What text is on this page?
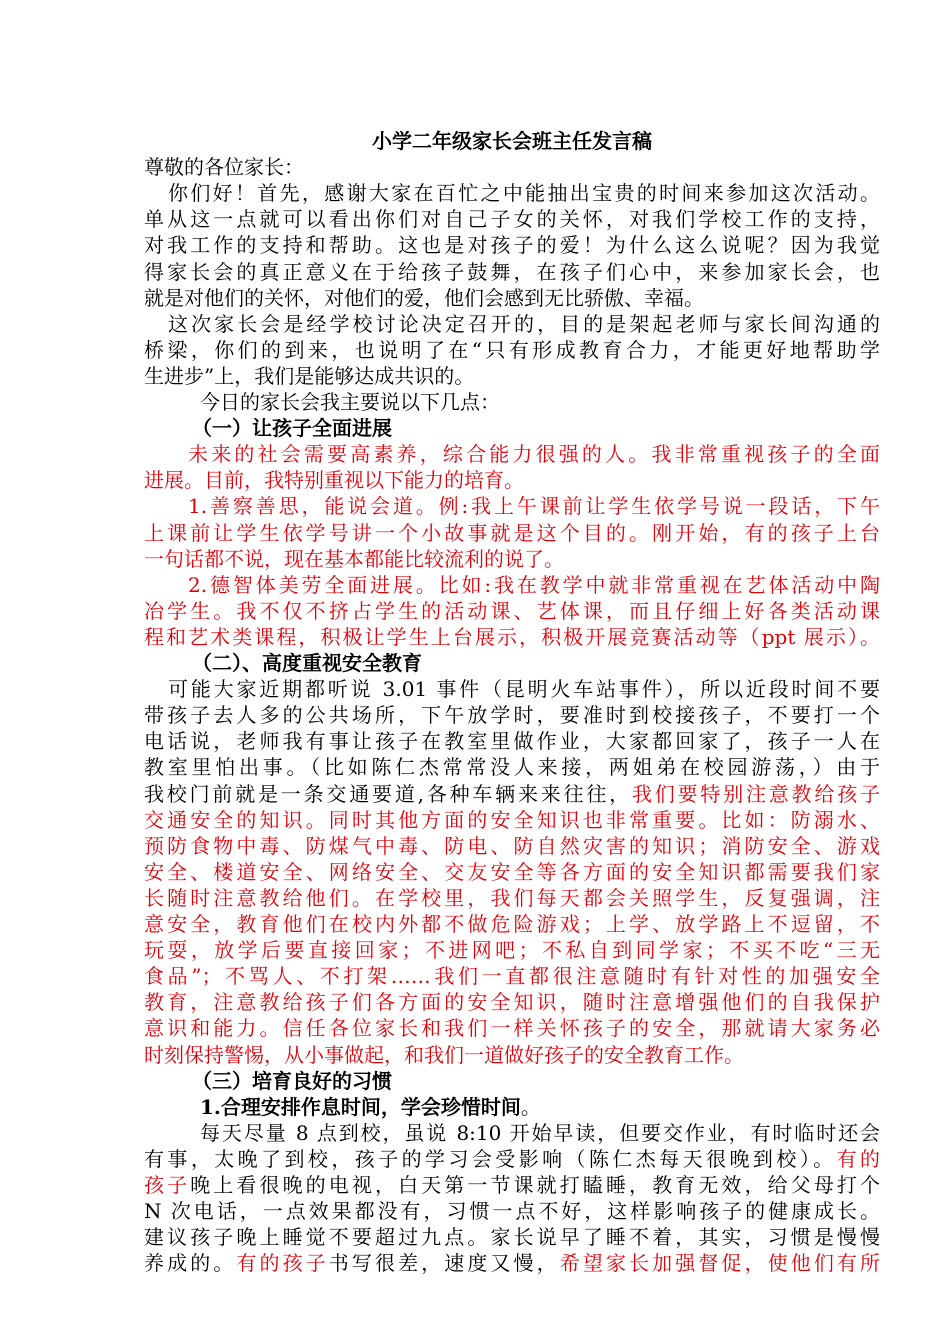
小学二年级家长会班主任发言稿
尊敬的各位家长：
你们好！首先，感谢大家在百忙之中能抽出宝贵的时间来参加这次活动。
单从这一点就可以看出你们对自己子女的关怀，对我们学校工作的支持，
对我工作的支持和帮助。这也是对孩子的爱！为什么这么说呢？因为我觉
得家长会的真正意义在于给孩子鼓舞，在孩子们心中，来参加家长会，也
就是对他们的关怀，对他们的爱，他们会感到无比骄傲、幸福。
这次家长会是经学校讨论决定召开的，目的是架起老师与家长间沟通的
桥梁，你们的到来，也说明了在“只有形成教育合力，才能更好地帮助学
生进步”上，我们是能够达成共识的。
今日的家长会我主要说以下几点：
（一）让孩子全面进展
未来的社会需要高素养，综合能力很强的人。我非常重视孩子的全面
进展。目前，我特别重视以下能力的培育。
1.善察善思，能说会道。例:我上午课前让学生依学号说一段话，下午
上课前让学生依学号讲一个小故事就是这个目的。刚开始，有的孩子上台
一句话都不说，现在基本都能比较流利的说了。
2.德智体美劳全面进展。比如:我在教学中就非常重视在艺体活动中陶
冶学生。我不仅不挤占学生的活动课、艺体课，而且仔细上好各类活动课
程和艺术类课程，积极让学生上台展示，积极开展竞赛活动等（ppt 展示）。
（二）、高度重视安全教育
可能大家近期都听说 3.01 事件（昆明火车站事件），所以近段时间不要
带孩子去人多的公共场所，下午放学时，要准时到校接孩子，不要打一个
电话说，老师我有事让孩子在教室里做作业，大家都回家了，孩子一人在
教室里怕出事。（比如陈仁杰常常没人来接，两姐弟在校园游荡，）由于
我校门前就是一条交通要道,各种车辆来来往往，我们要特别注意教给孩子
交通安全的知识。同时其他方面的安全知识也非常重要。比如：防溺水、
预防食物中毒、防煤气中毒、防电、防自然灾害的知识；消防安全、游戏
安全、楼道安全、网络安全、交友安全等各方面的安全知识都需要我们家
长随时注意教给他们。在学校里，我们每天都会关照学生，反复强调，注
意安全，教育他们在校内外都不做危险游戏；上学、放学路上不逗留，不
玩耍，放学后要直接回家；不进网吧；不私自到同学家；不买不吃“三无
食品”；不骂人、不打架……我们一直都很注意随时有针对性的加强安全
教育，注意教给孩子们各方面的安全知识，随时注意增强他们的自我保护
意识和能力。信任各位家长和我们一样关怀孩子的安全，那就请大家务必
时刻保持警惕，从小事做起，和我们一道做好孩子的安全教育工作。
（三）培育良好的习惯
1.合理安排作息时间，学会珍惜时间。
每天尽量 8 点到校，虽说 8:10 开始早读，但要交作业，有时临时还会
有事，太晚了到校，孩子的学习会受影响（陈仁杰每天很晚到校）。有的
孩子晚上看很晚的电视，白天第一节课就打瞌睡，教育无效，给父母打个
N 次电话，一点效果都没有，习惯一点不好，这样影响孩子的健康成长。
建议孩子晚上睡觉不要超过九点。家长说早了睡不着，其实，习惯是慢慢
养成的。有的孩子书写很差，速度又慢，希望家长加强督促，使他们有所
